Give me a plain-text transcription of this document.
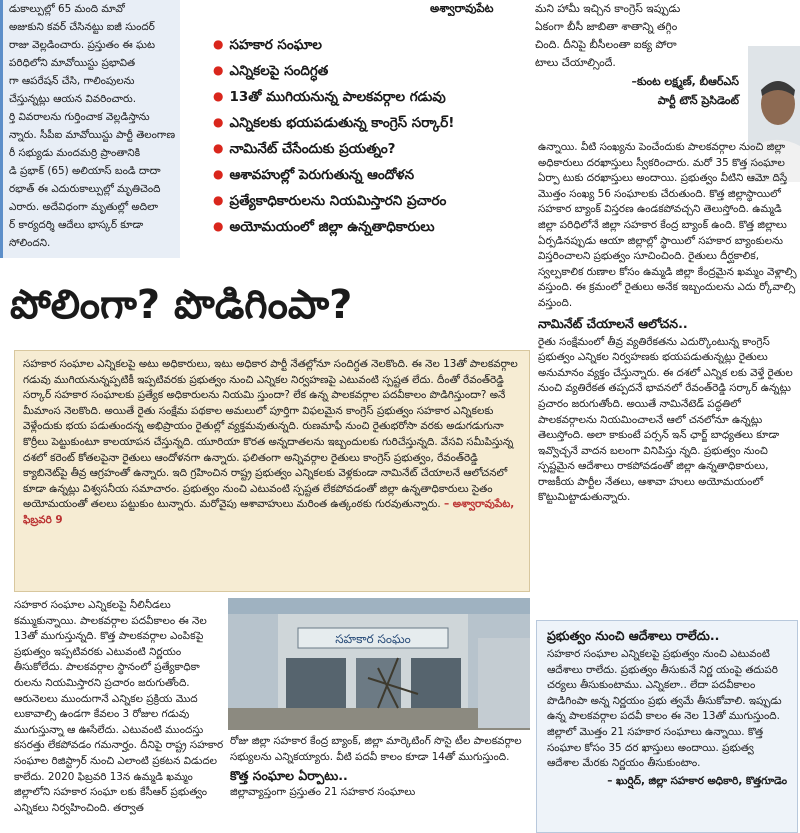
డుకాల్పుల్లో 65 మంది మావో
అజుకుని కవర్ చేసినట్టు ఐజీ సుందర్
రాజు వెల్లడించారు. ప్రస్తుతం ఈ ఘట
పరిధిలోని మావోయిస్టు ప్రభావిత
గా ఆపరేషన్ చేసి, గాలింపులను
చేస్తున్నట్లు ఆయన వివరించారు.
ర్తి వివరాలను గుర్తించాక వెల్లడిస్తాను
న్నారు. సీపీఐ మావోయిస్టు పార్టీ తెలంగాణ
రీ సభ్యుడు మందమర్రి ప్రాంతానికి
డి ప్రభాక్ (65) అలియాస్ బండి దాదా
రభాత్ ఈ ఎదురుకాల్పుల్లో మృతిచెంది
ఎరారు. అదేవిధంగా మృతుల్లో అదిలా
ర్ కార్యదర్శి ఆదేలు భాస్కర్ కూడా
సోలిందని.
అశ్వారావుపేట
● సహకార సంఘాల
● ఎన్నికలపై సందిగ్ధత
● 13తో ముగియనున్న పాలకవర్గాల గడువు
● ఎన్నికలకు భయపడుతున్న కాంగ్రెస్ సర్కార్!
● నామినేట్ చేసేందుకు ప్రయత్నం?
● ఆశావహుల్లో పెరుగుతున్న ఆందోళన
● ప్రత్యేకాధికారులను నియమిస్తారని ప్రచారం
● అయోమయంలో జిల్లా ఉన్నతాధికారులు
మని హామీ ఇచ్చిన కాంగ్రెస్ ఇప్పుడు
ఏకంగా బీసీ జాబితా శాతాన్ని తగ్గిం
చింది. దీనిపై బీసీలంతా ఐక్య పోరా
టాలు చేయాల్సిందే.
–కుంట లక్ష్మణ్, బీఆర్ఎస్
పార్టీ టౌన్ ప్రెసిడెంట్
పోలింగా? పొడిగింపా?

సహకార సంఘాల ఎన్నికలపై అటు అధికారులు, ఇటు అధికార పార్టీ నేతల్లోనూ సందిగ్ధత నెలకొంది. ఈ నెల 13తో పాలకవర్గాల గడువు ముగియనున్నప్పటికీ ఇప్పటివరకు ప్రభుత్వం నుంచి ఎన్నికల నిర్వహణపై ఎటువంటి స్పష్టత లేదు. దీంతో రేవంత్‌రెడ్డి సర్కార్ సహకార సంఘాలకు ప్రత్యేక అధికారులను నియమి స్తుందా? లేక ఉన్న పాలకవర్గాల పదవీకాలం పొడిగిస్తుందా? అనే మీమాంస నెలకొంది. అయితే రైతు సంక్షేమ పథకాల అమలులో పూర్తిగా విఫలమైన కాంగ్రెస్ ప్రభుత్వం సహకార ఎన్నికలకు వెళ్లేందుకు భయ పడుతుందన్న అభిప్రాయం రైతుల్లో వ్యక్తమవుతున్నది. రుణమాఫీ నుంచి రైతుభరోసా వరకు అడుగడుగునా కొర్రీలు పెట్టుకుంటూ కాలయాపన చేస్తున్నది. యూరియా కొరత అన్నదాతలను ఇబ్బందులకు గురిచేస్తున్నది. వేసవి సమీపిస్తున్న దశలో కరెంట్ కోతలపైనా రైతులు ఆందోళనగా ఉన్నారు. ఫలితంగా అన్నివర్గాల రైతులు కాంగ్రెస్ ప్రభుత్వం, రేవంత్‌రెడ్డి క్యాబినెట్‌పై తీవ్ర ఆగ్రహంతో ఉన్నారు. ఇది గ్రహించిన రాష్ట్ర ప్రభుత్వం ఎన్నికలకు వెళ్లకుండా నామినేట్ చేయాలనే ఆలోచనలో కూడా ఉన్నట్లు విశ్వసనీయ సమాచారం. ప్రభుత్వం నుంచి ఎటువంటి స్పష్టత లేకపోవడంతో జిల్లా ఉన్నతాధికారులు సైతం అయోమయంతో తలలు పట్టుకుం టున్నారు. మరోవైపు ఆశావాహులు మరింత ఉత్కంఠకు గురవుతున్నారు. – అశ్వారావుపేట, ఫిబ్రవరి 9

సహకార సంఘాల ఎన్నికలపై నీలినీడలు కమ్ముకున్నాయి. పాలకవర్గాల పదవీకాలం ఈ నెల 13తో ముగుస్తున్నది. కొత్త పాలకవర్గాల ఎంపికపై ప్రభుత్వం ఇప్పటివరకు ఎటువంటి నిర్ణయం తీసుకోలేదు. పాలకవర్గాల స్థానంలో ప్రత్యేకాధికా రులను నియమిస్తారని ప్రచారం జరుగుతోంది. ఆరునెలలు ముందుగానే ఎన్నికల ప్రక్రియ మొద లుకావాల్సి ఉండగా కేవలం 3 రోజుల గడువు ముగుస్తున్నా ఆ ఊసేలేదు. ఎటువంటి ముందస్తు కసరత్తు లేకపోవడం గమనార్హం. దీనిపై రాష్ట్ర సహకార సంఘాల రిజిస్ట్రార్ నుంచి ఎలాంటి ప్రకటన విడుదల కాలేదు. 2020 ఫిబ్రవరి 13న ఉమ్మడి ఖమ్మం జిల్లాలోని సహకార సంఘా లకు కేసీఆర్ ప్రభుత్వం ఎన్నికలు నిర్వహించింది. తర్వాత

సహకార సంఘం

రోజు జిల్లా సహకార కేంద్ర బ్యాంక్, జిల్లా మార్కెటింగ్ సొసై టీల పాలకవర్గాల సభ్యులను ఎన్నికయ్యారు. వీటి పదవీ కాలం కూడా 14తో ముగుస్తుంది.

కొత్త సంఘాల ఏర్పాటు..

జిల్లావ్యాప్తంగా ప్రస్తుతం 21 సహకార సంఘాలు

ఉన్నాయి. వీటి సంఖ్యను పెంచేందుకు పాలకవర్గాల నుంచి జిల్లా అధికారులు దరఖాస్తులు స్వీకరించారు. మరో 35 కొత్త సంఘాల ఏర్పా టుకు దరఖాస్తులు అందాయి. ప్రభుత్వం వీటిని ఆమో దిస్తే మొత్తం సంఖ్య 56 సంఘాలకు చేరుతుంది. కొత్త జిల్లాస్థాయిలో సహకార బ్యాంక్ విస్తరణ ఉండకపోవచ్చని తెలుస్తోంది. ఉమ్మడి జిల్లా పరిధిలోనే జిల్లా సహకార కేంద్ర బ్యాంక్ ఉంది. కొత్త జిల్లాలు ఏర్పడినప్పుడు ఆయా జిల్లాల్లో స్థాయిలో సహకార బ్యాంకులను విస్తరించాలని ప్రభుత్వం సూచించింది. రైతులు దీర్ఘకాలిక, స్వల్పకాలిక రుణాల కోసం ఉమ్మడి జిల్లా కేంద్రమైన ఖమ్మం వెళ్లాల్సి వస్తుంది. ఈ క్రమంలో రైతులు అనేక ఇబ్బందులను ఎదు ర్కోవాల్సి వస్తుంది.

నామినేట్ చేయాలనే ఆలోచన..

రైతు సంక్షేమంలో తీవ్ర వ్యతిరేకతను ఎదుర్కొంటున్న కాంగ్రెస్ ప్రభుత్వం ఎన్నికల నిర్వహణకు భయపడుతున్నట్లు రైతులు అనుమానం వ్యక్తం చేస్తున్నారు. ఈ దశలో ఎన్నిక లకు వెళ్తే రైతుల నుంచి వ్యతిరేకత తప్పదనే భావనలో రేవంత్‌రెడ్డి సర్కార్ ఉన్నట్లు ప్రచారం జరుగుతోంది. అయితే నామినేటెడ్ పద్ధతిలో పాలకవర్గాలను నియమించాలనే ఆలో చనలోనూ ఉన్నట్లు తెలుస్తోంది. అలా కాకుంటే పర్సన్ ఇన్ ఛార్జ్ బాధ్యతలు కూడా ఇవ్వొచ్చనే వాదన బలంగా వినిపిస్తు న్నది. ప్రభుత్వం నుంచి స్పష్టమైన ఆదేశాలు రాకపోవడంతో జిల్లా ఉన్నతాధికారులు, రాజకీయ పార్టీల నేతలు, ఆశావా హులు అయోమయంలో కొట్టుమిట్టాడుతున్నారు.

ప్రభుత్వం నుంచి ఆదేశాలు రాలేదు..

సహకార సంఘాల ఎన్నికలపై ప్రభుత్వం నుంచి ఎటువంటి ఆదేశాలు రాలేదు. ప్రభుత్వం తీసుకునే నిర్ణ యంపై తదుపరి చర్యలు తీసుకుంటాము. ఎన్నికలా.. లేదా పదవీకాలం పొడిగింపా అన్న నిర్ణయం ప్రభు త్వమే తీసుకోవాలి. ఇప్పుడు ఉన్న పాలకవర్గాల పదవీ కాలం ఈ నెల 13తో ముగుస్తుంది. జిల్లాలో మొత్తం 21 సహకార సంఘాలు ఉన్నాయి. కొత్త సంఘాల కోసం 35 దర ఖాస్తులు అందాయి. ప్రభుత్వ ఆదేశాల మేరకు నిర్ణయం తీసుకుంటాం.

– ఖుర్షిద్, జిల్లా సహకార అధికారి, కొత్తగూడెం
